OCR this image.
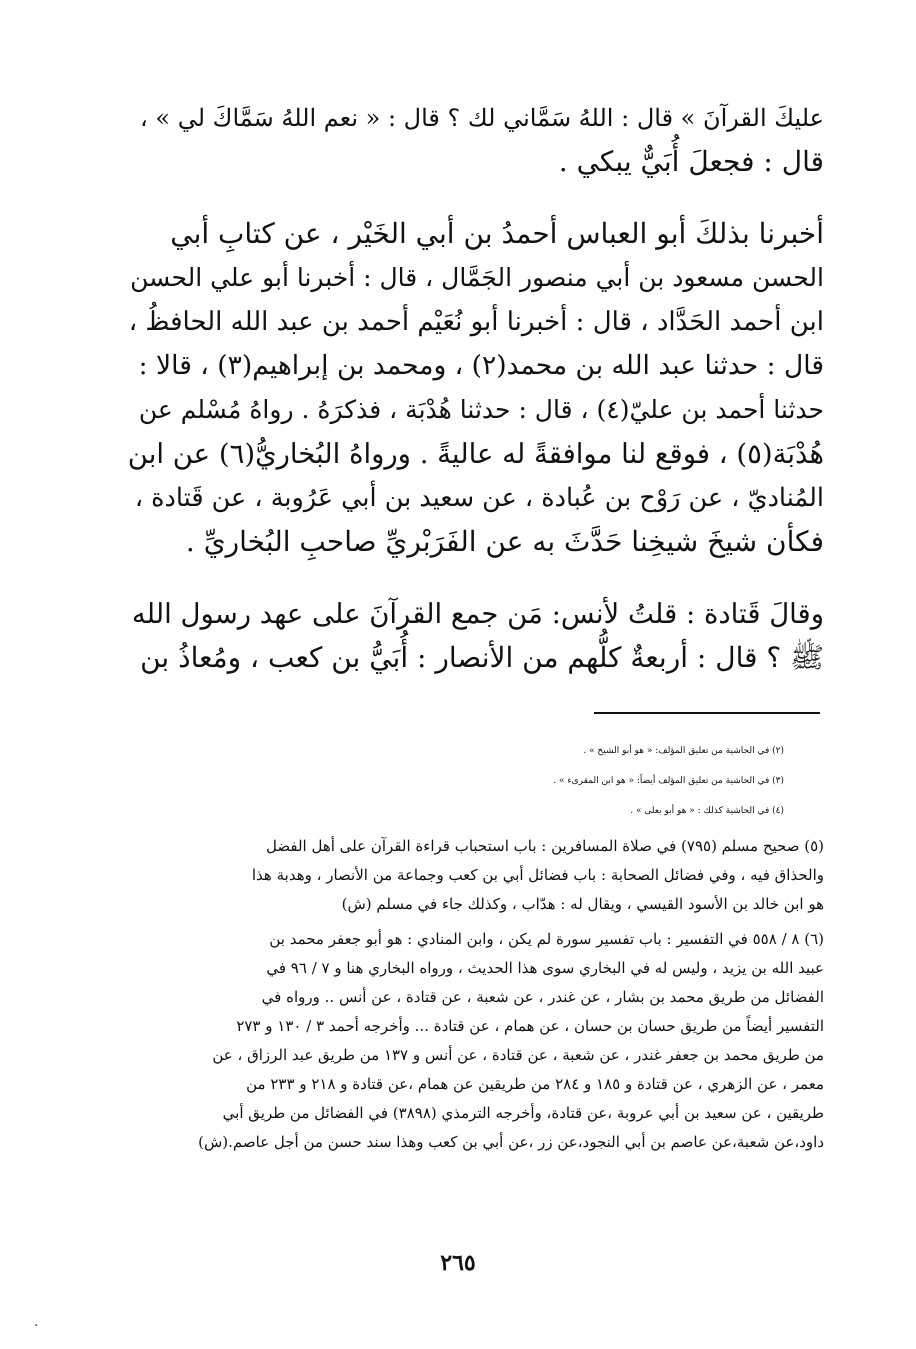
عليكَ القرآنَ » قال : اللهُ سَمَّاني لك ؟ قال : « نعم اللهُ سَمَّاكَ لي » ،

قال : فجعلَ أُبَيٌّ يبكي .

أخبرنا بذلكَ أبو العباس أحمدُ بن أبي الخَيْر ، عن كتابِ أبي

الحسن مسعود بن أبي منصور الجَمَّال ، قال : أخبرنا أبو علي الحسن

ابن أحمد الحَدَّاد ، قال : أخبرنا أبو نُعَيْم أحمد بن عبد الله الحافظُ ،

قال : حدثنا عبد الله بن محمد(٢) ، ومحمد بن إبراهيم(٣) ، قالا :

حدثنا أحمد بن عليّ(٤) ، قال : حدثنا هُدْبَة ، فذكرَهُ . رواهُ مُسْلم عن

هُدْبَة(٥) ، فوقع لنا موافقةً له عاليةً . ورواهُ البُخاريُّ(٦) عن ابن

المُناديّ ، عن رَوْح بن عُبادة ، عن سعيد بن أبي عَرُوبة ، عن قَتادة ،

فكأن شيخَ شيخِنا حَدَّثَ به عن الفَرَبْريِّ صاحبِ البُخاريِّ .

وقالَ قَتادة : قلتُ لأنس: مَن جمع القرآنَ على عهد رسول الله

ﷺ ؟ قال : أربعةٌ كلُّهم من الأنصار : أُبَيُّ بن كعب ، ومُعاذُ بن

(٢) في الحاشية من تعليق المؤلف: « هو أبو الشيخ » .

(٣) في الحاشية من تعليق المؤلف أيضاً: « هو ابن المقرىء » .

(٤) في الحاشية كذلك : « هو أبو يعلى » .

(٥) صحيح مسلم (٧٩٥) في صلاة المسافرين : باب استحباب قراءة القرآن على أهل الفضل

والحذاق فيه ، وفي فضائل الصحابة : باب فضائل أبي بن كعب وجماعة من الأنصار ، وهدبة هذا

هو ابن خالد بن الأسود القيسي ، ويقال له : هدّاب ، وكذلك جاء في مسلم (ش)

(٦) ٨ / ٥٥٨ في التفسير : باب تفسير سورة لم يكن ، وابن المنادي : هو أبو جعفر محمد بن

عبيد الله بن يزيد ، وليس له في البخاري سوى هذا الحديث ، ورواه البخاري هنا و ٧ / ٩٦ في

الفضائل من طريق محمد بن بشار ، عن غندر ، عن شعبة ، عن قتادة ، عن أنس .. ورواه في

التفسير أيضاً من طريق حسان بن حسان ، عن همام ، عن قتادة ... وأخرجه أحمد ٣ / ١٣٠ و ٢٧٣

من طريق محمد بن جعفر غندر ، عن شعبة ، عن قتادة ، عن أنس و ١٣٧ من طريق عبد الرزاق ، عن

معمر ، عن الزهري ، عن قتادة و ١٨٥ و ٢٨٤ من طريقين عن همام ،عن قتادة و ٢١٨ و ٢٣٣ من

طريقين ، عن سعيد بن أبي عروبة ،عن قتادة، وأخرجه الترمذي (٣٨٩٨) في الفضائل من طريق أبي

داود،عن شعبة،عن عاصم بن أبي النجود،عن زر ،عن أبي بن كعب وهذا سند حسن من أجل عاصم.(ش)

٢٦٥
·
